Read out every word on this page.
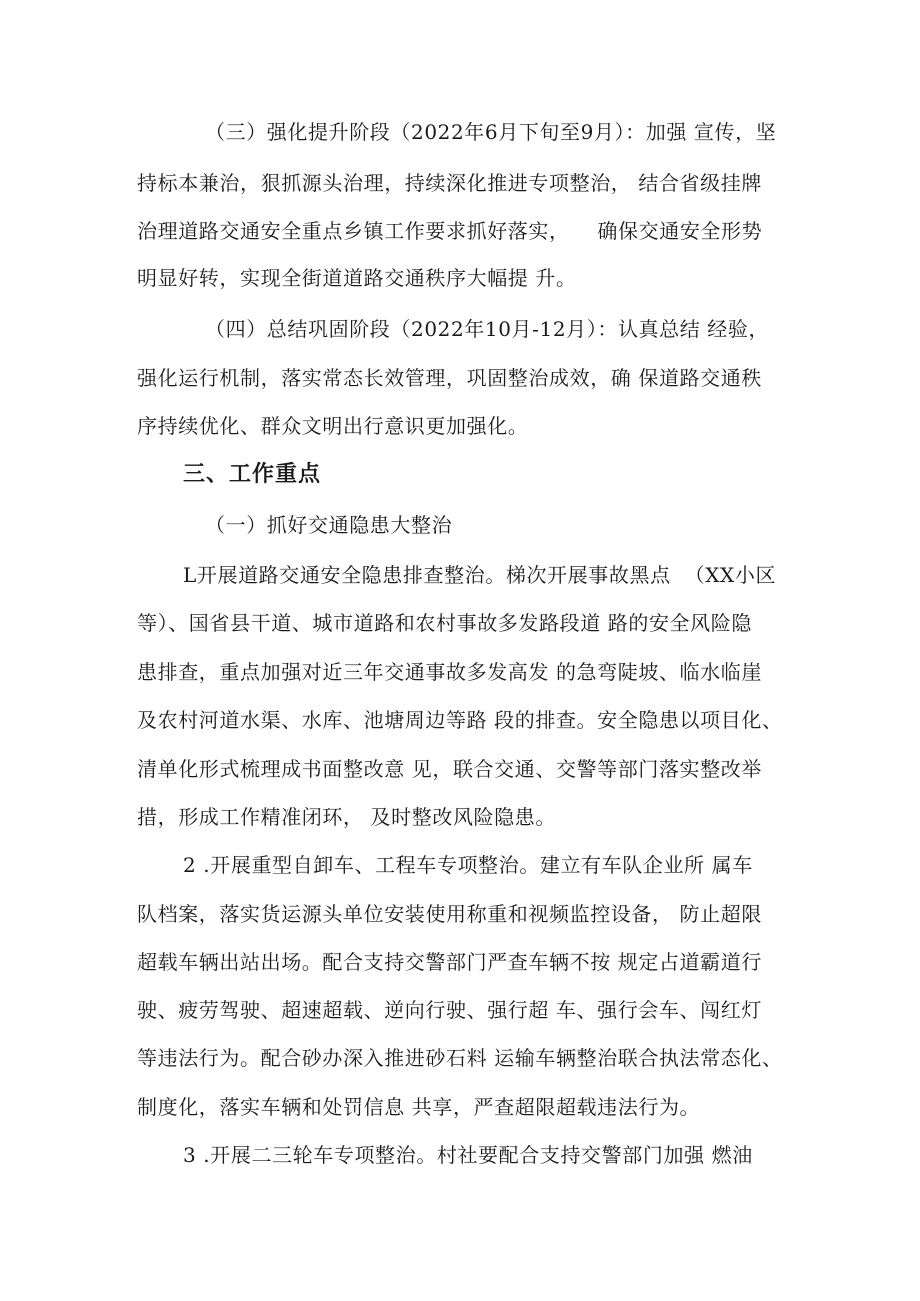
（三）强化提升阶段（2022年6月下旬至9月）：加强 宣传，坚
持标本兼治，狠抓源头治理，持续深化推进专项整治， 结合省级挂牌
治理道路交通安全重点乡镇工作要求抓好落实，    确保交通安全形势
明显好转，实现全街道道路交通秩序大幅提 升。
（四）总结巩固阶段（2022年10月-12月）：认真总结 经验，
强化运行机制，落实常态长效管理，巩固整治成效，确 保道路交通秩
序持续优化、群众文明出行意识更加强化。
三、工作重点
（一）抓好交通隐患大整治
L开展道路交通安全隐患排查整治。梯次开展事故黑点  （XX小区
等）、国省县干道、城市道路和农村事故多发路段道 路的安全风险隐
患排查，重点加强对近三年交通事故多发高发 的急弯陡坡、临水临崖
及农村河道水渠、水库、池塘周边等路 段的排查。安全隐患以项目化、
清单化形式梳理成书面整改意 见，联合交通、交警等部门落实整改举
措，形成工作精准闭环， 及时整改风险隐患。
2 .开展重型自卸车、工程车专项整治。建立有车队企业所 属车
队档案，落实货运源头单位安装使用称重和视频监控设备， 防止超限
超载车辆出站出场。配合支持交警部门严查车辆不按 规定占道霸道行
驶、疲劳驾驶、超速超载、逆向行驶、强行超 车、强行会车、闯红灯
等违法行为。配合砂办深入推进砂石料 运输车辆整治联合执法常态化、
制度化，落实车辆和处罚信息 共享，严查超限超载违法行为。
3 .开展二三轮车专项整治。村社要配合支持交警部门加强 燃油
